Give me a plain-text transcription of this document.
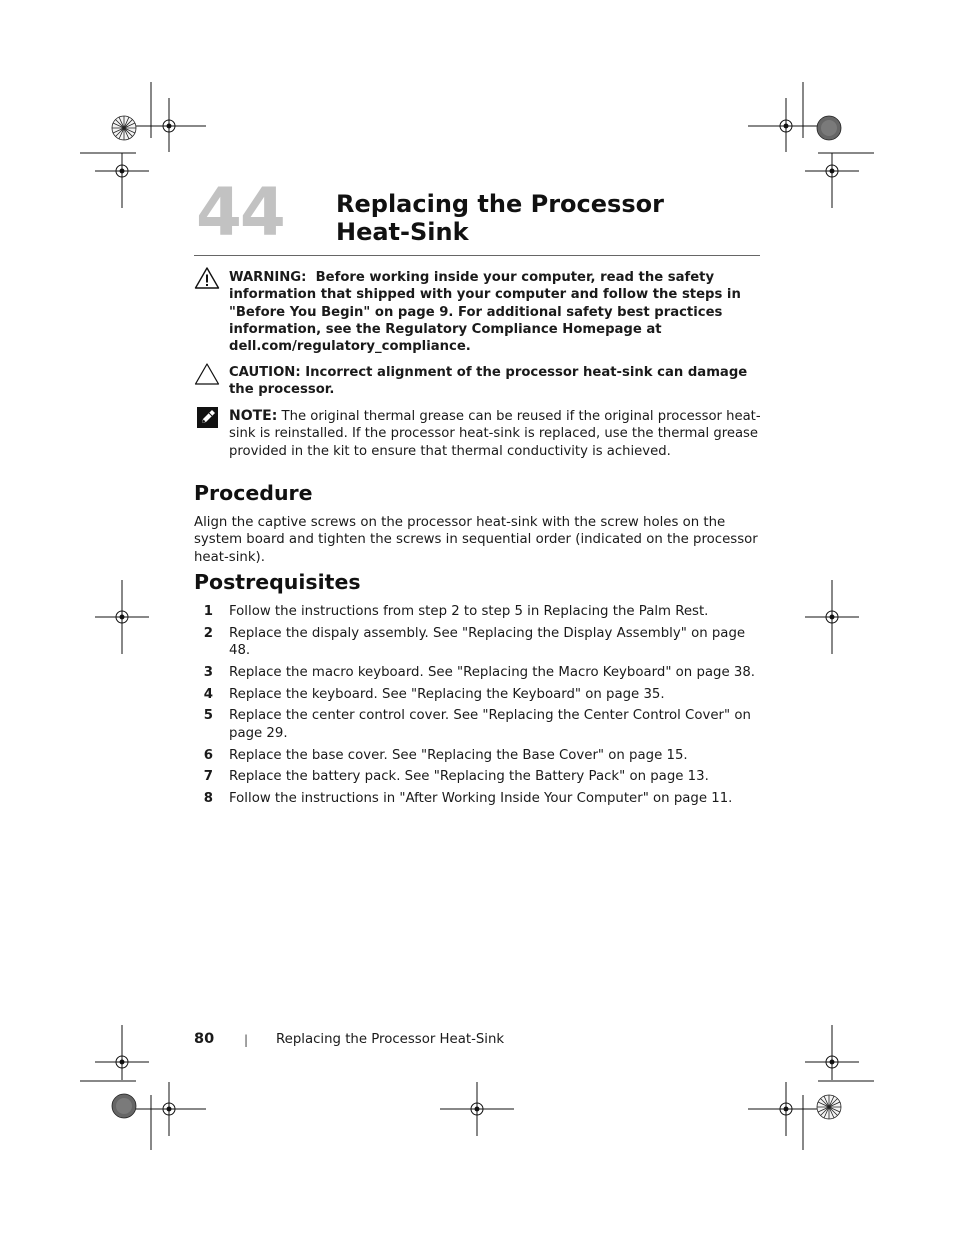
44 Replacing the Processor
Heat-Sink
WARNING: Before working inside your computer, read the safety information that shipped with your computer and follow the steps in "Before You Begin" on page 9. For additional safety best practices information, see the Regulatory Compliance Homepage at dell.com/regulatory_compliance.
CAUTION: Incorrect alignment of the processor heat-sink can damage the processor.
NOTE: The original thermal grease can be reused if the original processor heat-sink is reinstalled. If the processor heat-sink is replaced, use the thermal grease provided in the kit to ensure that thermal conductivity is achieved.
Procedure
Align the captive screws on the processor heat-sink with the screw holes on the system board and tighten the screws in sequential order (indicated on the processor heat-sink).
Postrequisites
1 Follow the instructions from step 2 to step 5 in Replacing the Palm Rest.
2 Replace the dispaly assembly. See "Replacing the Display Assembly" on page 48.
3 Replace the macro keyboard. See "Replacing the Macro Keyboard" on page 38.
4 Replace the keyboard. See "Replacing the Keyboard" on page 35.
5 Replace the center control cover. See "Replacing the Center Control Cover" on page 29.
6 Replace the base cover. See "Replacing the Base Cover" on page 15.
7 Replace the battery pack. See "Replacing the Battery Pack" on page 13.
8 Follow the instructions in "After Working Inside Your Computer" on page 11.
80 | Replacing the Processor Heat-Sink
